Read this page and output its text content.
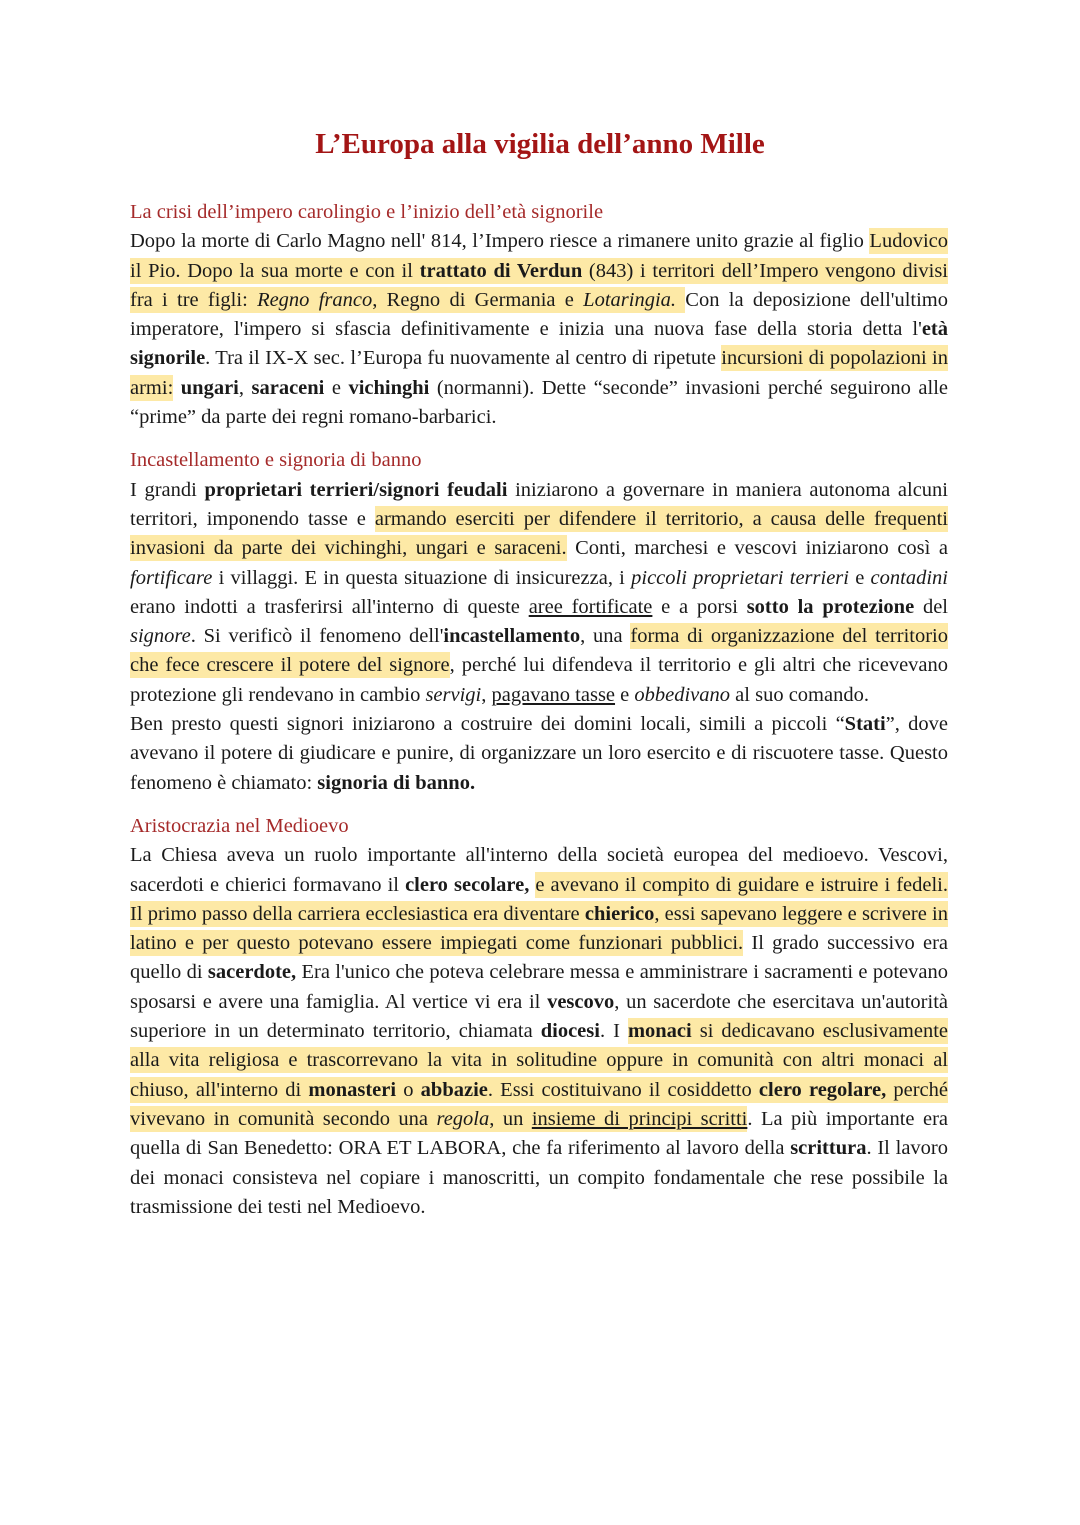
L’Europa alla vigilia dell’anno Mille
La crisi dell’impero carolingio e l’inizio dell’età signorile

Dopo la morte di Carlo Magno nell' 814, l’Impero riesce a rimanere unito grazie al figlio Ludovico il Pio. Dopo la sua morte e con il trattato di Verdun (843) i territori dell’Impero vengono divisi fra i tre figli: Regno franco, Regno di Germania e Lotaringia. Con la deposizione dell'ultimo imperatore, l'impero si sfascia definitivamente e inizia una nuova fase della storia detta l'età signorile. Tra il IX-X sec. l’Europa fu nuovamente al centro di ripetute incursioni di popolazioni in armi: ungari, saraceni e vichinghi (normanni). Dette “seconde” invasioni perché seguirono alle “prime” da parte dei regni romano-barbarici.

Incastellamento e signoria di banno

I grandi proprietari terrieri/signori feudali iniziarono a governare in maniera autonoma alcuni territori, imponendo tasse e armando eserciti per difendere il territorio, a causa delle frequenti invasioni da parte dei vichinghi, ungari e saraceni. Conti, marchesi e vescovi iniziarono così a fortificare i villaggi. E in questa situazione di insicurezza, i piccoli proprietari terrieri e contadini erano indotti a trasferirsi all'interno di queste aree fortificate e a porsi sotto la protezione del signore. Si verificò il fenomeno dell'incastellamento, una forma di organizzazione del territorio che fece crescere il potere del signore, perché lui difendeva il territorio e gli altri che ricevevano protezione gli rendevano in cambio servigi, pagavano tasse e obbedivano al suo comando.

Ben presto questi signori iniziarono a costruire dei domini locali, simili a piccoli “Stati”, dove avevano il potere di giudicare e punire, di organizzare un loro esercito e di riscuotere tasse. Questo fenomeno è chiamato: signoria di banno.

Aristocrazia nel Medioevo

La Chiesa aveva un ruolo importante all'interno della società europea del medioevo. Vescovi, sacerdoti e chierici formavano il clero secolare, e avevano il compito di guidare e istruire i fedeli. Il primo passo della carriera ecclesiastica era diventare chierico, essi sapevano leggere e scrivere in latino e per questo potevano essere impiegati come funzionari pubblici. Il grado successivo era quello di sacerdote, Era l'unico che poteva celebrare messa e amministrare i sacramenti e potevano sposarsi e avere una famiglia. Al vertice vi era il vescovo, un sacerdote che esercitava un'autorità superiore in un determinato territorio, chiamata diocesi. I monaci si dedicavano esclusivamente alla vita religiosa e trascorrevano la vita in solitudine oppure in comunità con altri monaci al chiuso, all'interno di monasteri o abbazie. Essi costituivano il cosiddetto clero regolare, perché vivevano in comunità secondo una regola, un insieme di principi scritti. La più importante era quella di San Benedetto: ORA ET LABORA, che fa riferimento al lavoro della scrittura. Il lavoro dei monaci consisteva nel copiare i manoscritti, un compito fondamentale che rese possibile la trasmissione dei testi nel Medioevo.
